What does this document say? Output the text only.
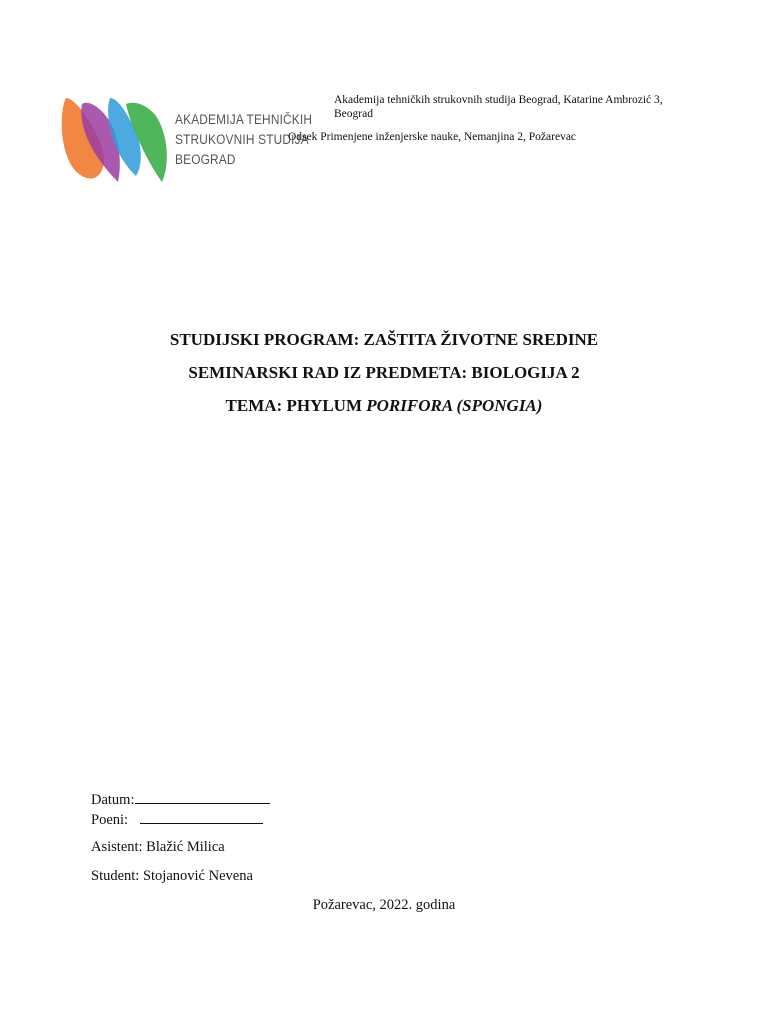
AKADEMIJA TEHNIČKIH
STRUKOVNIH STUDIJA
BEOGRAD
Akademija tehničkih strukovnih studija Beograd, Katarine Ambrozić 3,
Beograd
Odsek Primenjene inženjerske nauke, Nemanjina 2, Požarevac
STUDIJSKI PROGRAM: ZAŠTITA ŽIVOTNE SREDINE
SEMINARSKI RAD IZ PREDMETA: BIOLOGIJA 2
TEMA: PHYLUM PORIFORA (SPONGIA)
Datum:
Poeni:
Asistent: Blažić Milica
Student: Stojanović Nevena
Požarevac, 2022. godina
